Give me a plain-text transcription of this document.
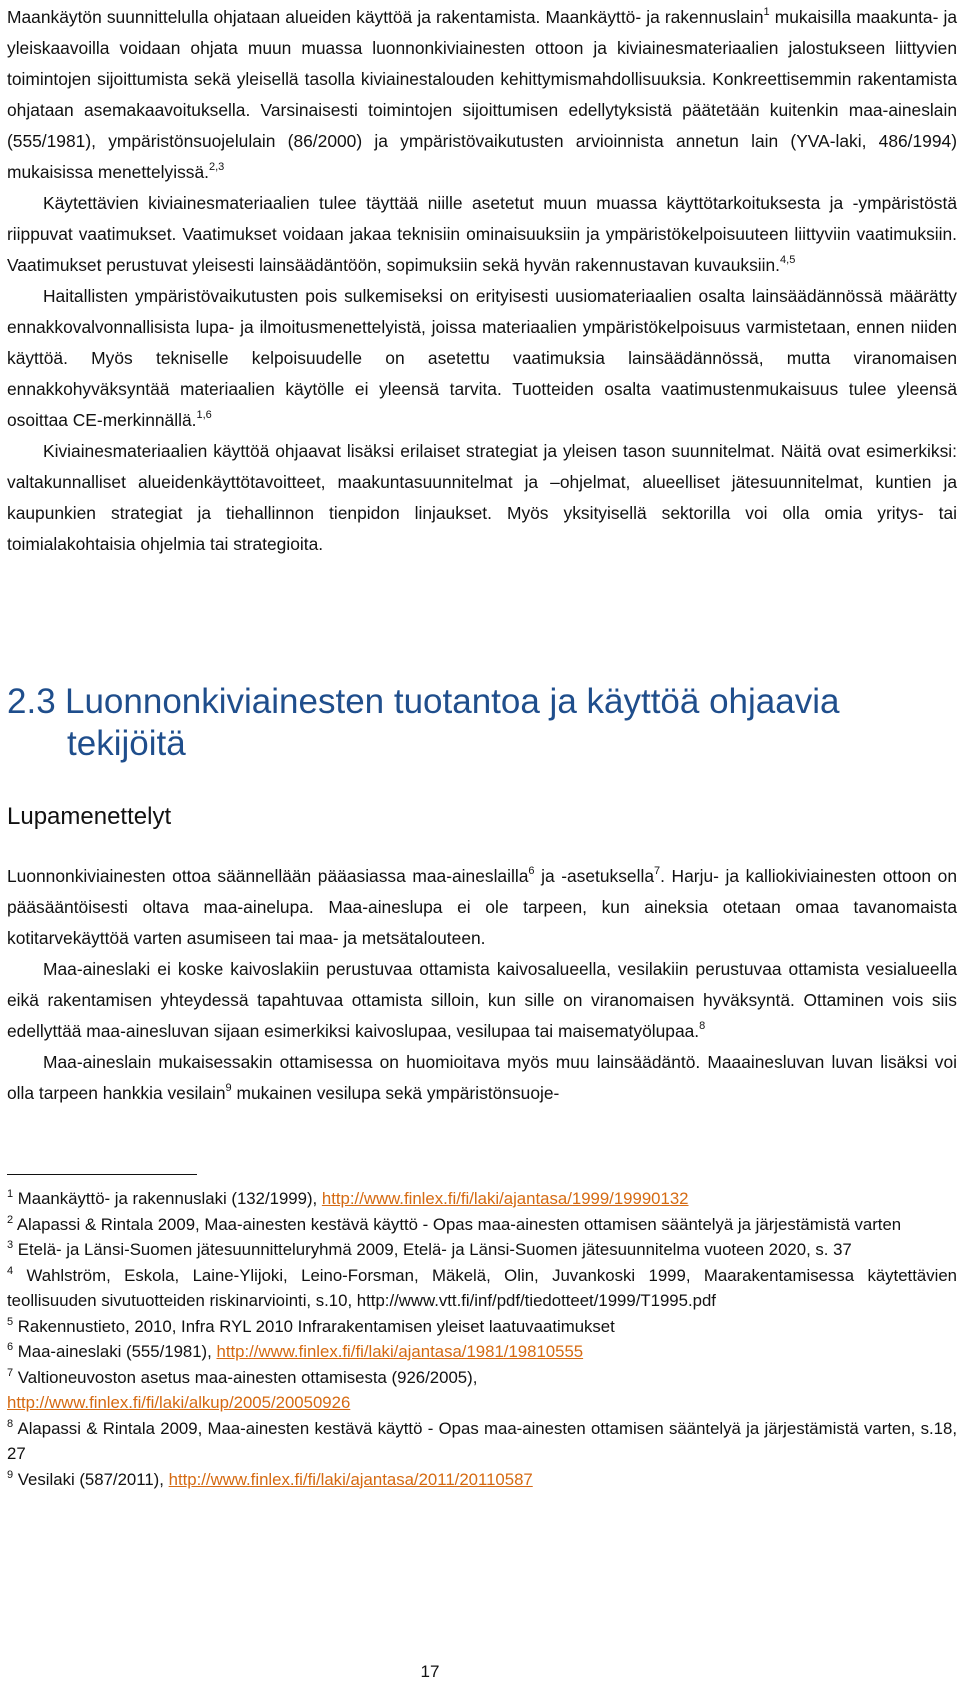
Maankäytön suunnittelulla ohjataan alueiden käyttöä ja rakentamista. Maankäyttö- ja rakennuslain$^1$ mukaisilla maakunta- ja yleiskaavoilla voidaan ohjata muun muassa luonnonkiviainesten ottoon ja kiviainesmateriaalien jalostukseen liittyvien toimintojen sijoittumista sekä yleisellä tasolla kiviainestalouden kehittymismahdollisuuksia. Konkreettisemmin rakentamista ohjataan asemakaavoituksella. Varsinaisesti toimintojen sijoittumisen edellytyksistä päätetään kuitenkin maa-aineslain (555/1981), ympäristönsuojelulain (86/2000) ja ympäristövaikutusten arvioinnista annetun lain (YVA-laki, 486/1994) mukaisissa menettelyissä.$^{2,3}$

Käytettävien kiviainesmateriaalien tulee täyttää niille asetetut muun muassa käyttötarkoituksesta ja -ympäristöstä riippuvat vaatimukset. Vaatimukset voidaan jakaa teknisiin ominaisuuksiin ja ympäristökelpoisuuteen liittyviin vaatimuksiin. Vaatimukset perustuvat yleisesti lainsäädäntöön, sopimuksiin sekä hyvän rakennustavan kuvauksiin.$^{4,5}$

Haitallisten ympäristövaikutusten pois sulkemiseksi on erityisesti uusiomateriaalien osalta lainsäädännössä määrätty ennakkovalvonnallisista lupa- ja ilmoitusmenettelyistä, joissa materiaalien ympäristökelpoisuus varmistetaan, ennen niiden käyttöä. Myös tekniselle kelpoisuudelle on asetettu vaatimuksia lainsäädännössä, mutta viranomaisen ennakkohyväksyntää materiaalien käytölle ei yleensä tarvita. Tuotteiden osalta vaatimustenmukaisuus tulee yleensä osoittaa CE-merkinnällä.$^{1,6}$

Kiviainesmateriaalien käyttöä ohjaavat lisäksi erilaiset strategiat ja yleisen tason suunnitelmat. Näitä ovat esimerkiksi: valtakunnalliset alueidenkäyttötavoitteet, maakuntasuunnitelmat ja –ohjelmat, alueelliset jätesuunnitelmat, kuntien ja kaupunkien strategiat ja tiehallinnon tienpidon linjaukset. Myös yksityisellä sektorilla voi olla omia yritys- tai toimialakohtaisia ohjelmia tai strategioita.

2.3 Luonnonkiviainesten tuotantoa ja käyttöä ohjaavia
tekijöitä
Lupamenettelyt

Luonnonkiviainesten ottoa säännellään pääasiassa maa-aineslailla$^6$ ja -asetuksella$^7$. Harju- ja kalliokiviainesten ottoon on pääsääntöisesti oltava maa-ainelupa. Maa-aineslupa ei ole tarpeen, kun aineksia otetaan omaa tavanomaista kotitarvekäyttöä varten asumiseen tai maa- ja metsätalouteen.

Maa-aineslaki ei koske kaivoslakiin perustuvaa ottamista kaivosalueella, vesilakiin perustuvaa ottamista vesialueella eikä rakentamisen yhteydessä tapahtuvaa ottamista silloin, kun sille on viranomaisen hyväksyntä. Ottaminen vois siis edellyttää maa-ainesluvan sijaan esimerkiksi kaivoslupaa, vesilupaa tai maisematyölupaa.$^8$

Maa-aineslain mukaisessakin ottamisessa on huomioitava myös muu lainsäädäntö. Maaainesluvan luvan lisäksi voi olla tarpeen hankkia vesilain$^9$ mukainen vesilupa sekä ympäristönsuoje-

$^1$ Maankäyttö- ja rakennuslaki (132/1999), http://www.finlex.fi/fi/laki/ajantasa/1999/19990132

$^2$ Alapassi & Rintala 2009, Maa-ainesten kestävä käyttö - Opas maa-ainesten ottamisen sääntelyä ja järjestämistä varten

$^3$ Etelä- ja Länsi-Suomen jätesuunnitteluryhmä 2009, Etelä- ja Länsi-Suomen jätesuunnitelma vuoteen 2020, s. 37

$^4$ Wahlström, Eskola, Laine-Ylijoki, Leino-Forsman, Mäkelä, Olin, Juvankoski 1999, Maarakentamisessa käytettävien teollisuuden sivutuotteiden riskinarviointi, s.10, http://www.vtt.fi/inf/pdf/tiedotteet/1999/T1995.pdf

$^5$ Rakennustieto, 2010, Infra RYL 2010 Infrarakentamisen yleiset laatuvaatimukset

$^6$ Maa-aineslaki (555/1981), http://www.finlex.fi/fi/laki/ajantasa/1981/19810555

$^7$ Valtioneuvoston asetus maa-ainesten ottamisesta (926/2005),
http://www.finlex.fi/fi/laki/alkup/2005/20050926

$^8$ Alapassi & Rintala 2009, Maa-ainesten kestävä käyttö - Opas maa-ainesten ottamisen sääntelyä ja järjestämistä varten, s.18, 27

$^9$ Vesilaki (587/2011), http://www.finlex.fi/fi/laki/ajantasa/2011/20110587

17
